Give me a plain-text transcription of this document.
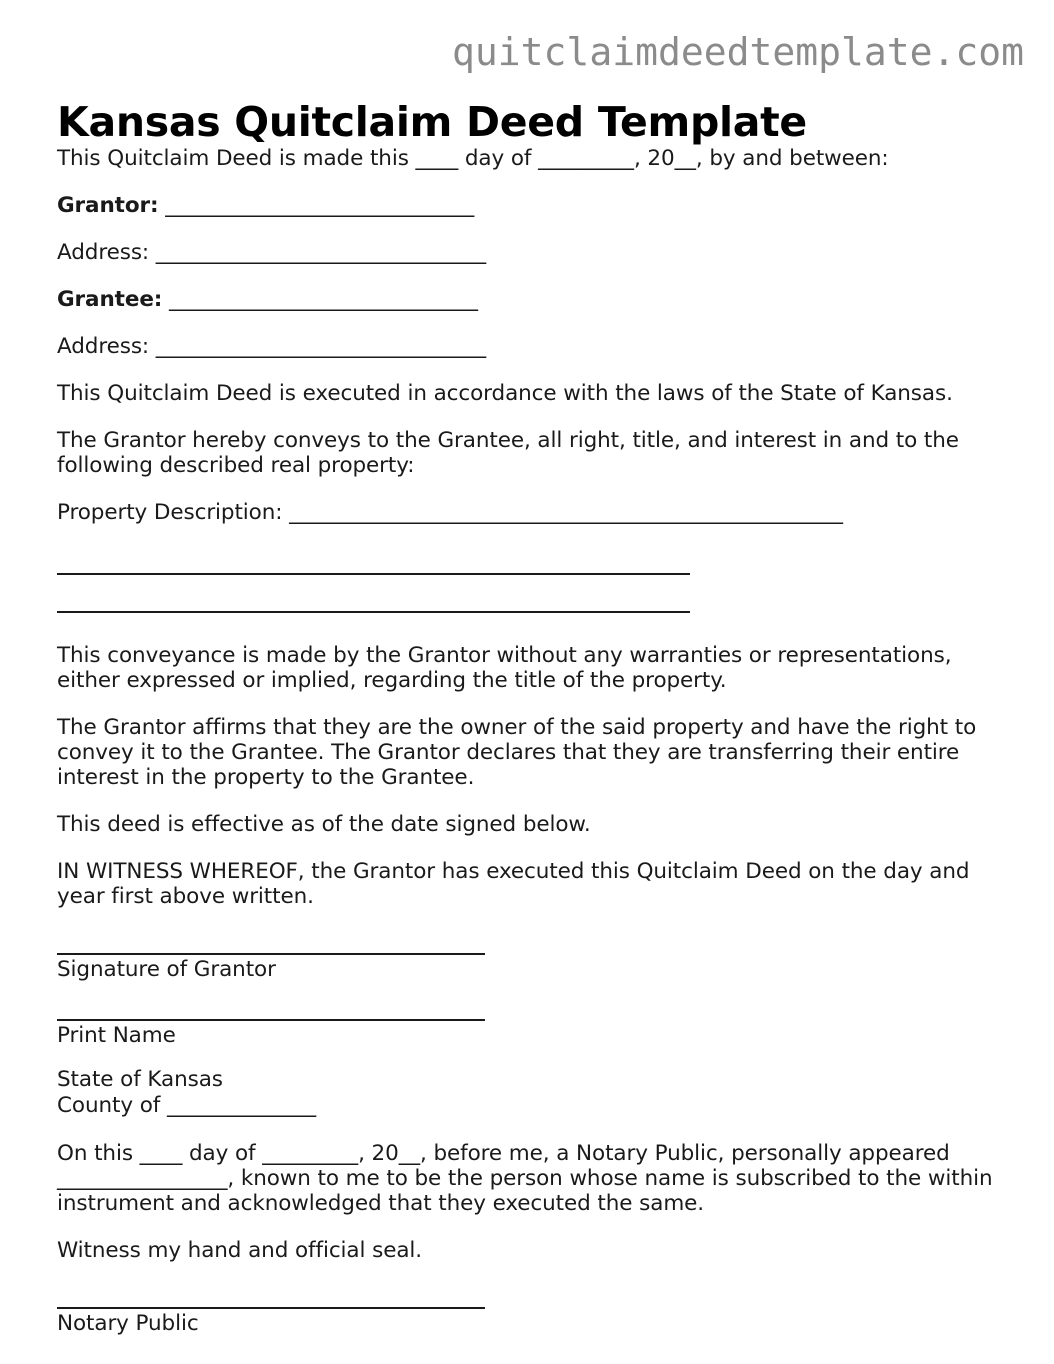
quitclaimdeedtemplate.com
Kansas Quitclaim Deed Template

This Quitclaim Deed is made this ____ day of _________, 20__, by and between:

Grantor: _____________________________

Address: _______________________________

Grantee: _____________________________

Address: _______________________________

This Quitclaim Deed is executed in accordance with the laws of the State of Kansas.

The Grantor hereby conveys to the Grantee, all right, title, and interest in and to the following described real property:

Property Description: ____________________________________________________

This conveyance is made by the Grantor without any warranties or representations, either expressed or implied, regarding the title of the property.

The Grantor affirms that they are the owner of the said property and have the right to convey it to the Grantee. The Grantor declares that they are transferring their entire interest in the property to the Grantee.

This deed is effective as of the date signed below.

IN WITNESS WHEREOF, the Grantor has executed this Quitclaim Deed on the day and year first above written.

Signature of Grantor
Print Name
State of Kansas
County of ______________

On this ____ day of _________, 20__, before me, a Notary Public, personally appeared ________________, known to me to be the person whose name is subscribed to the within instrument and acknowledged that they executed the same.

Witness my hand and official seal.

Notary Public
